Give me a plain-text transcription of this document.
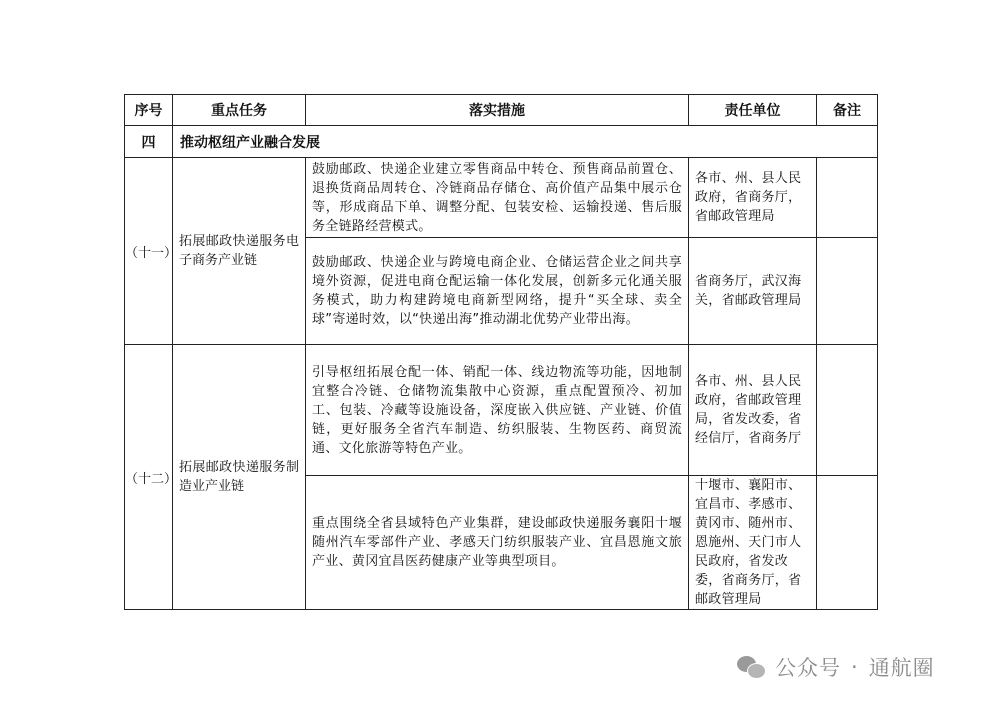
序号	重点任务	落实措施	责任单位	备注
四	推动枢纽产业融合发展			
（十一）	拓展邮政快递服务电子商务产业链	鼓励邮政、快递企业建立零售商品中转仓、预售商品前置仓、退换货商品周转仓、冷链商品存储仓、高价值产品集中展示仓等，形成商品下单、调整分配、包装安检、运输投递、售后服务全链路经营模式。	各市、州、县人民政府，省商务厅，省邮政管理局	
		鼓励邮政、快递企业与跨境电商企业、仓储运营企业之间共享境外资源，促进电商仓配运输一体化发展，创新多元化通关服务模式，助力构建跨境电商新型网络，提升“买全球、卖全球”寄递时效，以“快递出海”推动湖北优势产业带出海。	省商务厅，武汉海关，省邮政管理局	
（十二）	拓展邮政快递服务制造业产业链	引导枢纽拓展仓配一体、销配一体、线边物流等功能，因地制宜整合冷链、仓储物流集散中心资源，重点配置预冷、初加工、包装、冷藏等设施设备，深度嵌入供应链、产业链、价值链，更好服务全省汽车制造、纺织服装、生物医药、商贸流通、文化旅游等特色产业。	各市、州、县人民政府，省邮政管理局，省发改委，省经信厅，省商务厅	
		重点围绕全省县域特色产业集群，建设邮政快递服务襄阳十堰随州汽车零部件产业、孝感天门纺织服装产业、宜昌恩施文旅产业、黄冈宜昌医药健康产业等典型项目。	十堰市、襄阳市、宜昌市、孝感市、黄冈市、随州市、恩施州、天门市人民政府，省发改委，省商务厅，省邮政管理局	
公众号 · 通航圈
